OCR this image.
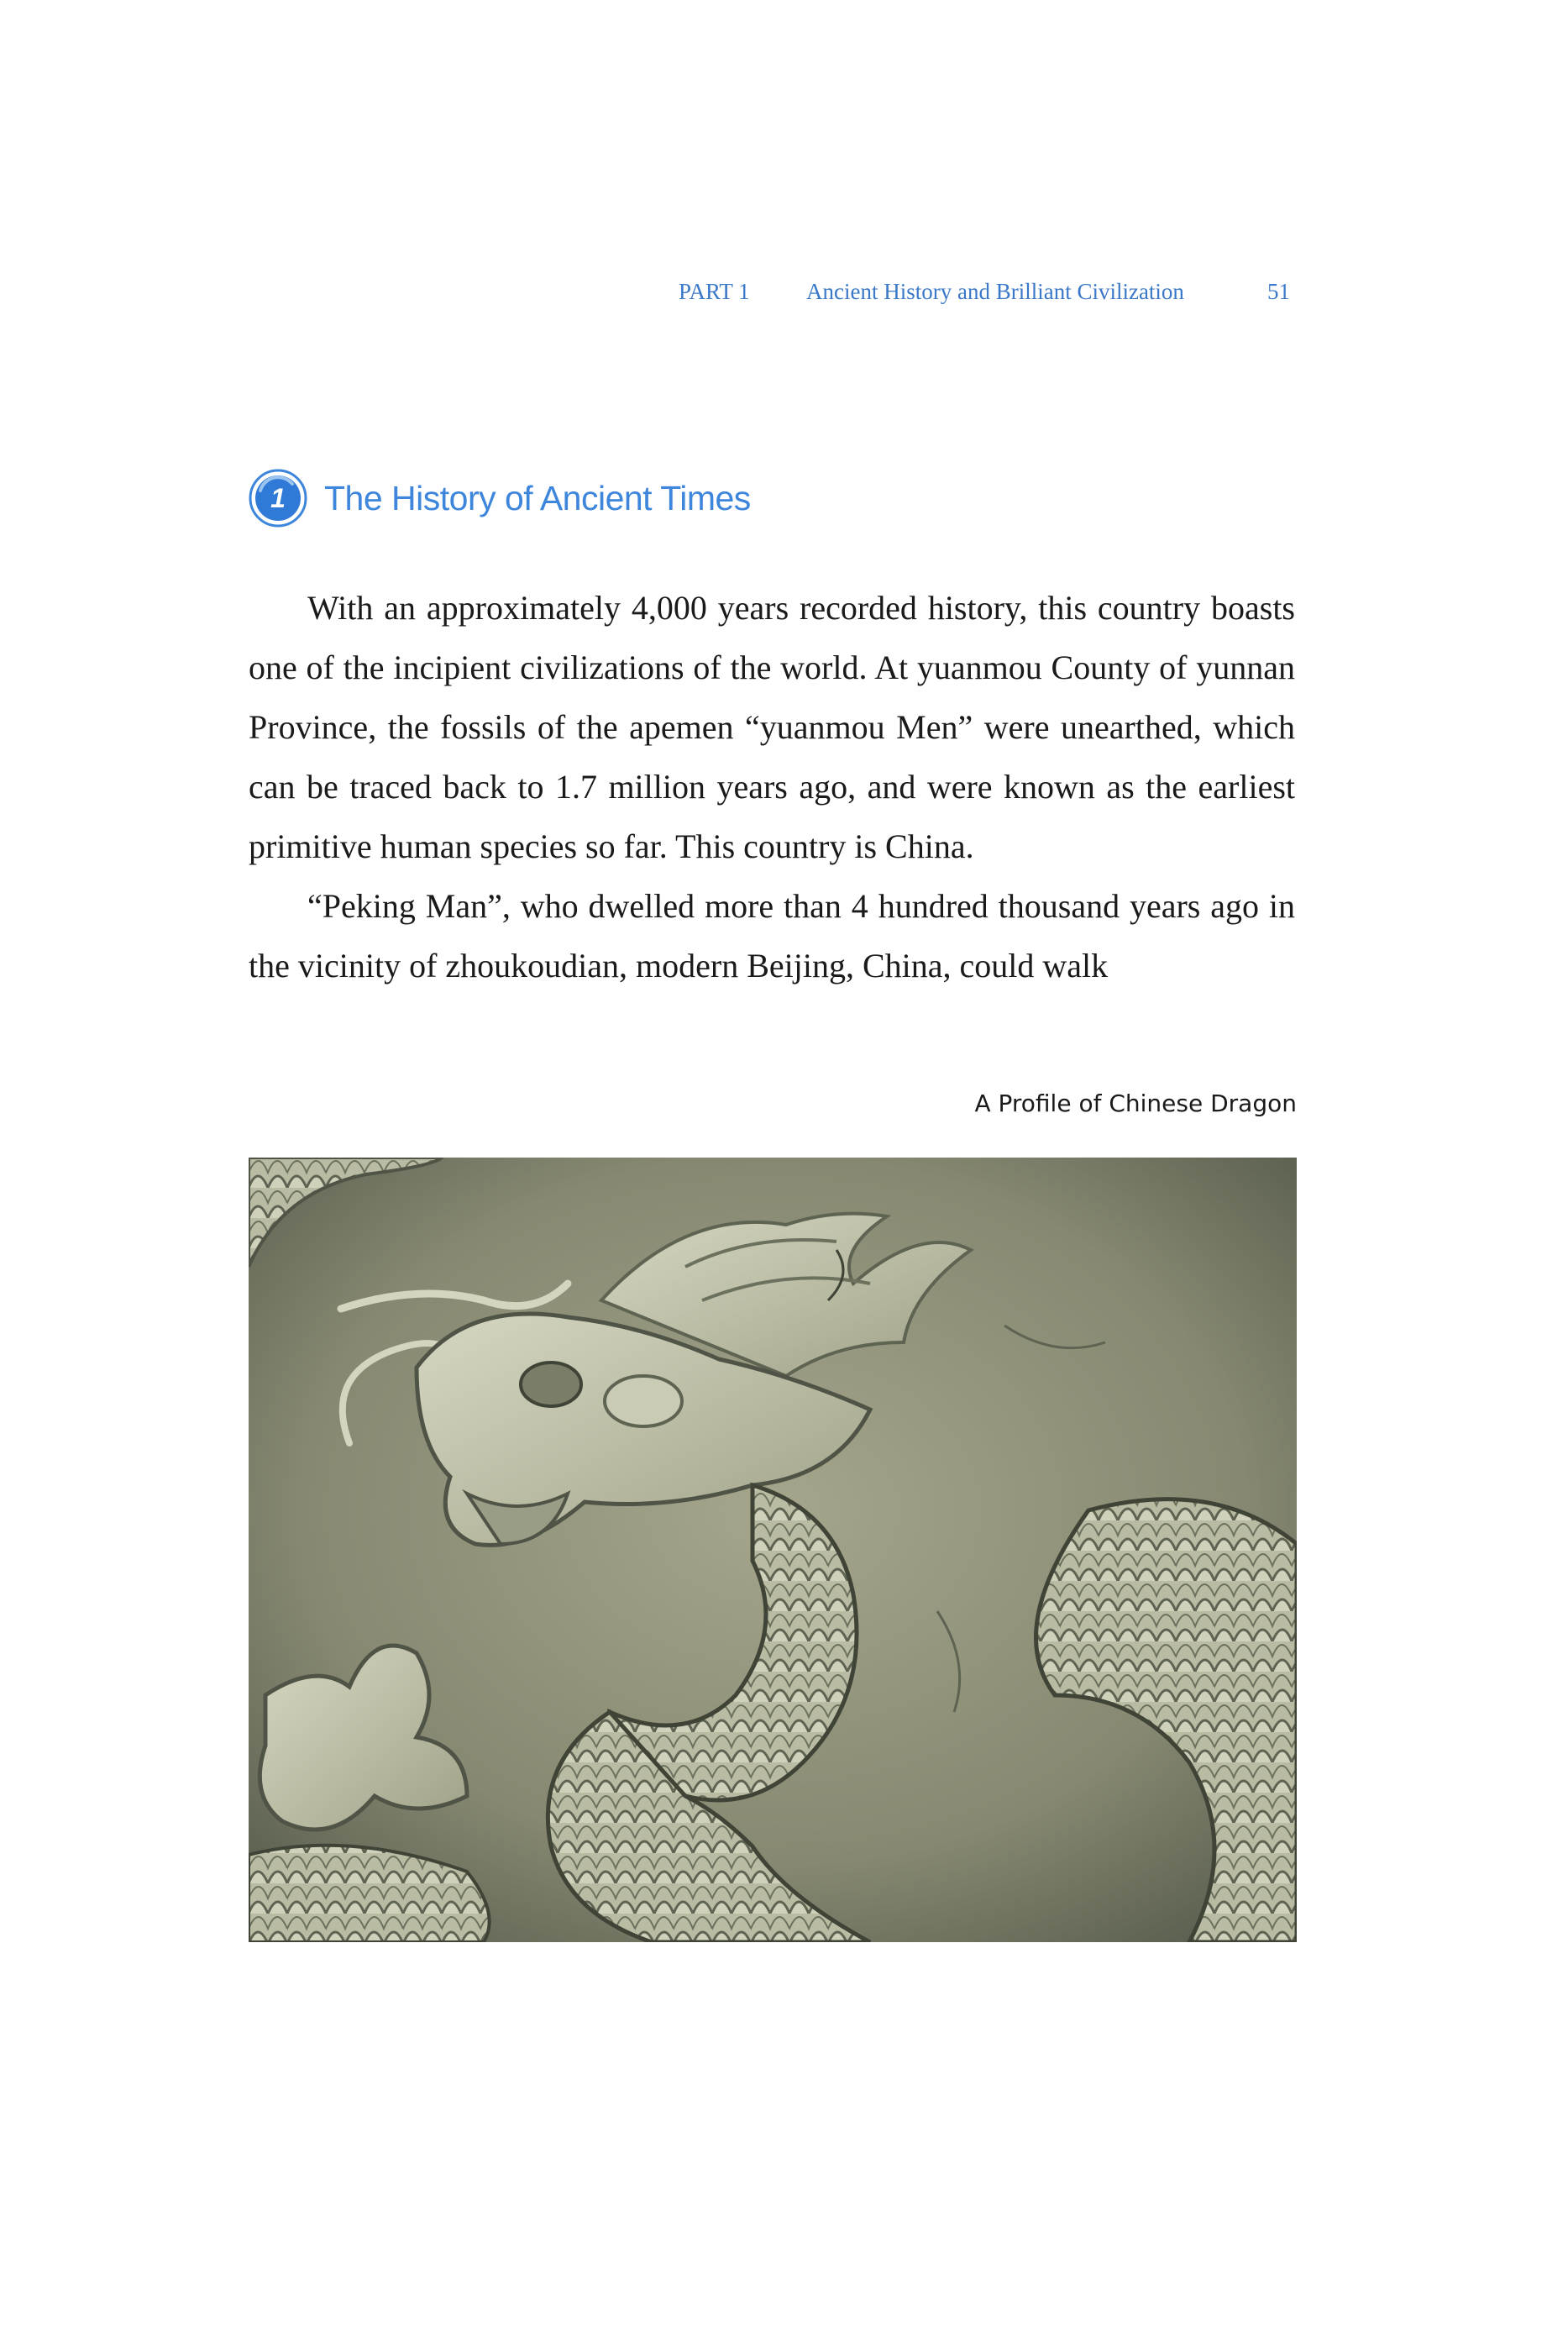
PART 1 Ancient History and Brilliant Civilization	51
1 The History of Ancient Times

With an approximately 4,000 years recorded history, this country boasts one of the incipient civilizations of the world. At yuanmou County of yunnan Province, the fossils of the apemen “yuanmou Men” were unearthed, which can be traced back to 1.7 million years ago, and were known as the earliest primitive human species so far. This country is China.

“Peking Man”, who dwelled more than 4 hundred thousand years ago in the vicinity of zhoukoudian, modern Beijing, China, could walk

A Profile of Chinese Dragon
